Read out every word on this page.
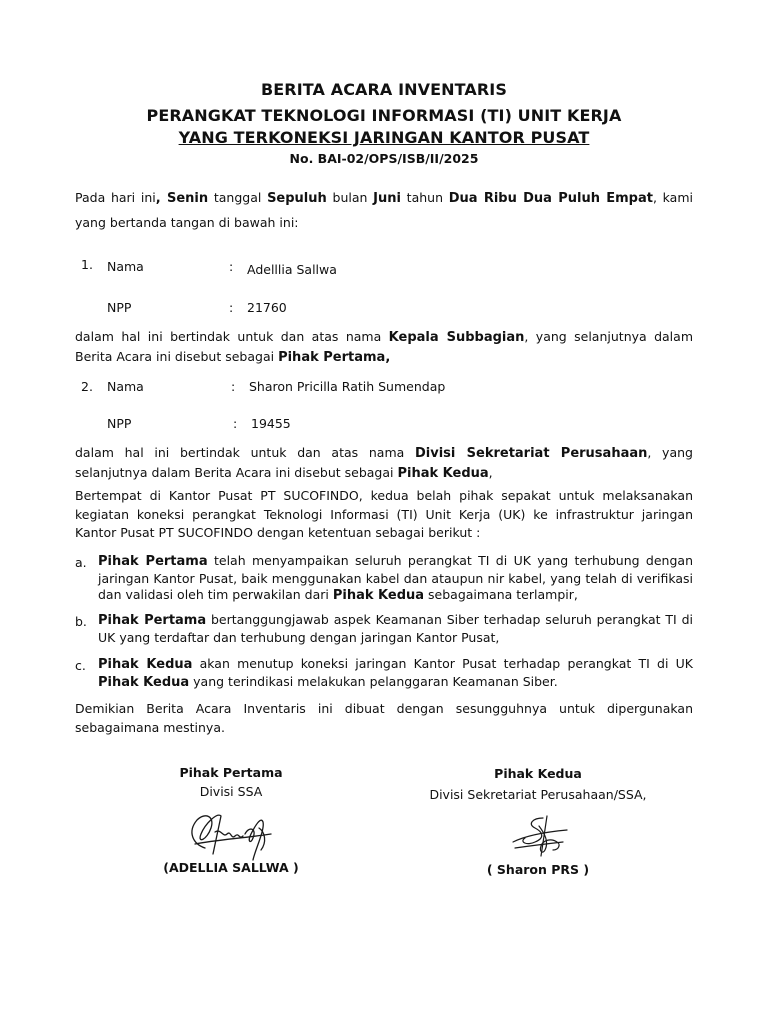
BERITA ACARA INVENTARIS
PERANGKAT TEKNOLOGI INFORMASI (TI) UNIT KERJA
YANG TERKONEKSI JARINGAN KANTOR PUSAT
No. BAI-02/OPS/ISB/II/2025
Pada hari ini, Senin tanggal Sepuluh bulan Juni tahun Dua Ribu Dua Puluh Empat, kami yang bertanda tangan di bawah ini:
1. Nama	: Adelllia Sallwa
NPP	: 21760
dalam hal ini bertindak untuk dan atas nama Kepala Subbagian, yang selanjutnya dalam Berita Acara ini disebut sebagai Pihak Pertama,
2. Nama	: Sharon Pricilla Ratih Sumendap
NPP	: 19455
dalam hal ini bertindak untuk dan atas nama Divisi Sekretariat Perusahaan, yang selanjutnya dalam Berita Acara ini disebut sebagai Pihak Kedua,
Bertempat di Kantor Pusat PT SUCOFINDO, kedua belah pihak sepakat untuk melaksanakan kegiatan koneksi perangkat Teknologi Informasi (TI) Unit Kerja (UK) ke infrastruktur jaringan Kantor Pusat PT SUCOFINDO dengan ketentuan sebagai berikut :
a. Pihak Pertama telah menyampaikan seluruh perangkat TI di UK yang terhubung dengan jaringan Kantor Pusat, baik menggunakan kabel dan ataupun nir kabel, yang telah di verifikasi dan validasi oleh tim perwakilan dari Pihak Kedua sebagaimana terlampir,
b. Pihak Pertama bertanggungjawab aspek Keamanan Siber terhadap seluruh perangkat TI di UK yang terdaftar dan terhubung dengan jaringan Kantor Pusat,
c. Pihak Kedua akan menutup koneksi jaringan Kantor Pusat terhadap perangkat TI di UK Pihak Kedua yang terindikasi melakukan pelanggaran Keamanan Siber.
Demikian Berita Acara Inventaris ini dibuat dengan sesungguhnya untuk dipergunakan sebagaimana mestinya.
Pihak Pertama
Divisi SSA
(ADELLIA SALLWA )
Pihak Kedua
Divisi Sekretariat Perusahaan/SSA,
( Sharon PRS )
